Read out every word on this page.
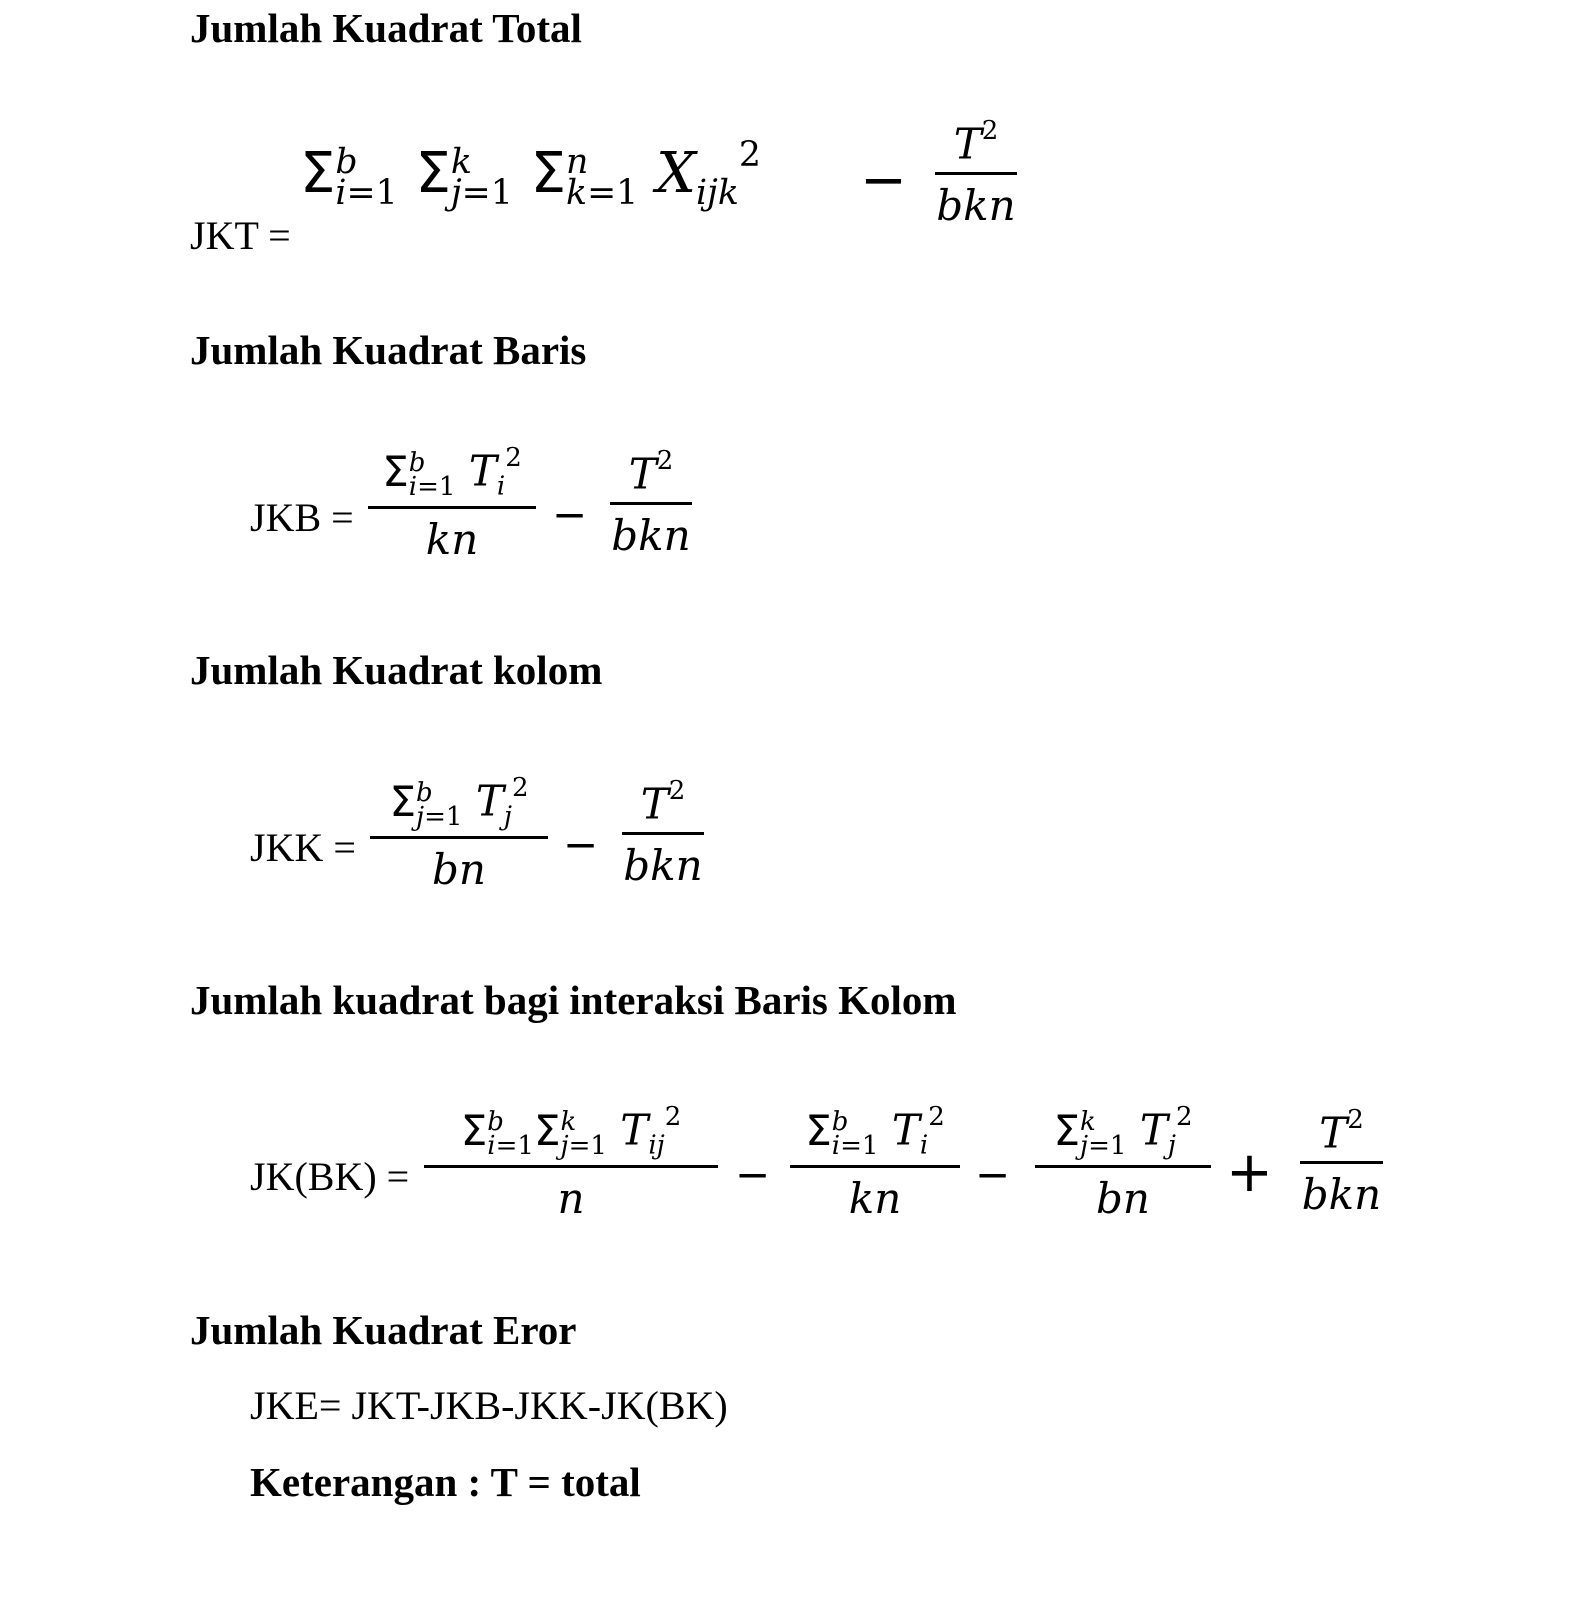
Jumlah Kuadrat Total
JKT =
Σ b
i=1 Σ k
j=1 Σ n
k=1 $X_{ijk}^2$ −
$T^2$
bkn
Jumlah Kuadrat Baris
JKB =
Σ b
i=1 $T_i^2$
kn
−
$T^2$
bkn
Jumlah Kuadrat kolom
JKK =
Σ b
j=1 $T_j^2$
bn
−
$T^2$
bkn
Jumlah kuadrat bagi interaksi Baris Kolom
JK(BK) =
Σ b
i=1Σ k
j=1 $T_{ij}^2$
n	−
Σ b
i=1 $T_i^2$
kn	−
Σ k
j=1 $T_j^2$
bn	+
$T^2$
bkn
Jumlah Kuadrat Eror
JKE= JKT-JKB-JKK-JK(BK)
Keterangan : T = total
